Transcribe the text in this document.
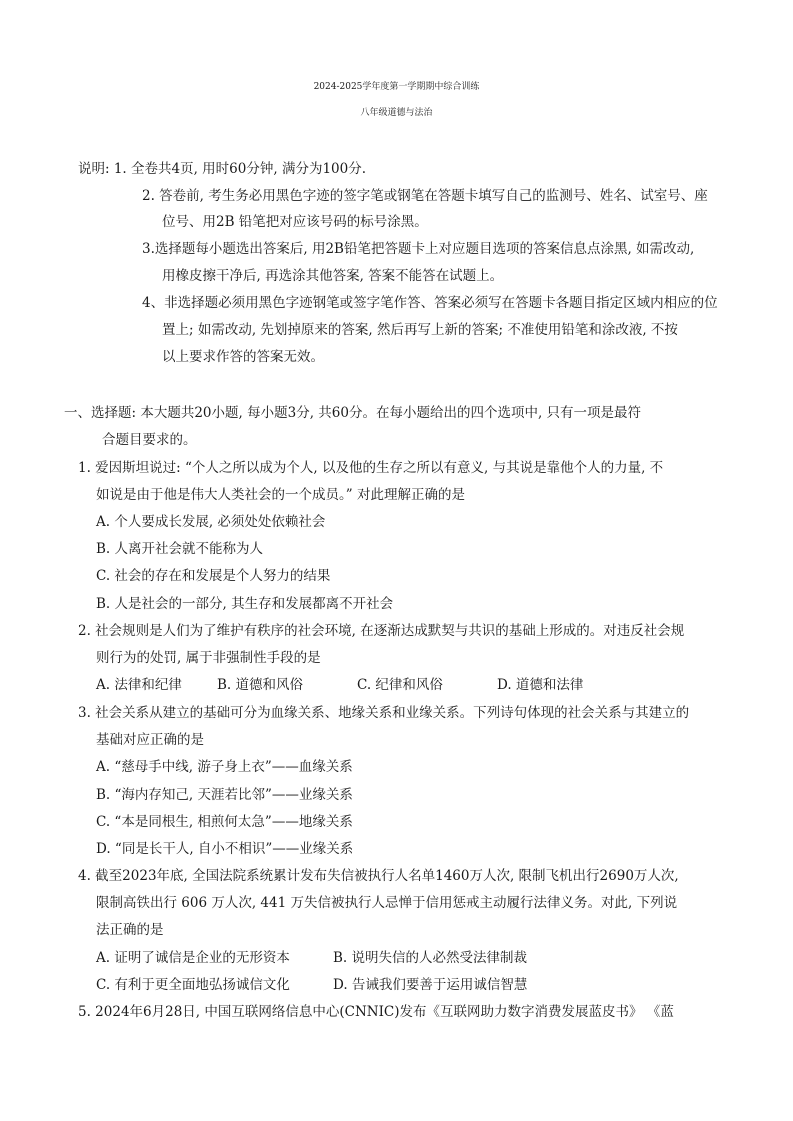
2024-2025学年度第一学期期中综合训练
八年级道德与法治
说明: 1. 全卷共4页, 用时60分钟, 满分为100分.
2. 答卷前, 考生务必用黑色字迹的签字笔或钢笔在答题卡填写自己的监测号、姓名、试室号、座
位号、用2B 铅笔把对应该号码的标号涂黑。
3.选择题每小题选出答案后, 用2B铅笔把答题卡上对应题目选项的答案信息点涂黑, 如需改动,
用橡皮擦干净后, 再选涂其他答案, 答案不能答在试题上。
4、非选择题必须用黑色字迹钢笔或签字笔作答、答案必须写在答题卡各题目指定区域内相应的位
置上; 如需改动, 先划掉原来的答案, 然后再写上新的答案; 不准使用铅笔和涂改液, 不按
以上要求作答的答案无效。
一、选择题: 本大题共20小题, 每小题3分, 共60分。在每小题给出的四个选项中, 只有一项是最符
合题目要求的。
1. 爱因斯坦说过: “个人之所以成为个人, 以及他的生存之所以有意义, 与其说是靠他个人的力量, 不
如说是由于他是伟大人类社会的一个成员。” 对此理解正确的是
A. 个人要成长发展, 必须处处依赖社会
B. 人离开社会就不能称为人
C. 社会的存在和发展是个人努力的结果
B. 人是社会的一部分, 其生存和发展都离不开社会
2. 社会规则是人们为了维护有秩序的社会环境, 在逐渐达成默契与共识的基础上形成的。对违反社会规
则行为的处罚, 属于非强制性手段的是
A. 法律和纪律	B. 道德和风俗	C. 纪律和风俗	D. 道德和法律
3. 社会关系从建立的基础可分为血缘关系、地缘关系和业缘关系。下列诗句体现的社会关系与其建立的
基础对应正确的是
A. “慈母手中线, 游子身上衣”——血缘关系
B. “海内存知己, 天涯若比邻”——业缘关系
C. “本是同根生, 相煎何太急”——地缘关系
D. “同是长干人, 自小不相识”——业缘关系
4. 截至2023年底, 全国法院系统累计发布失信被执行人名单1460万人次, 限制飞机出行2690万人次,
限制高铁出行 606 万人次, 441 万失信被执行人忌惮于信用惩戒主动履行法律义务。对此, 下列说
法正确的是
A. 证明了诚信是企业的无形资本	B. 说明失信的人必然受法律制裁
C. 有利于更全面地弘扬诚信文化	D. 告诫我们要善于运用诚信智慧
5. 2024年6月28日, 中国互联网络信息中心(CNNIC)发布《互联网助力数字消费发展蓝皮书》 《蓝
